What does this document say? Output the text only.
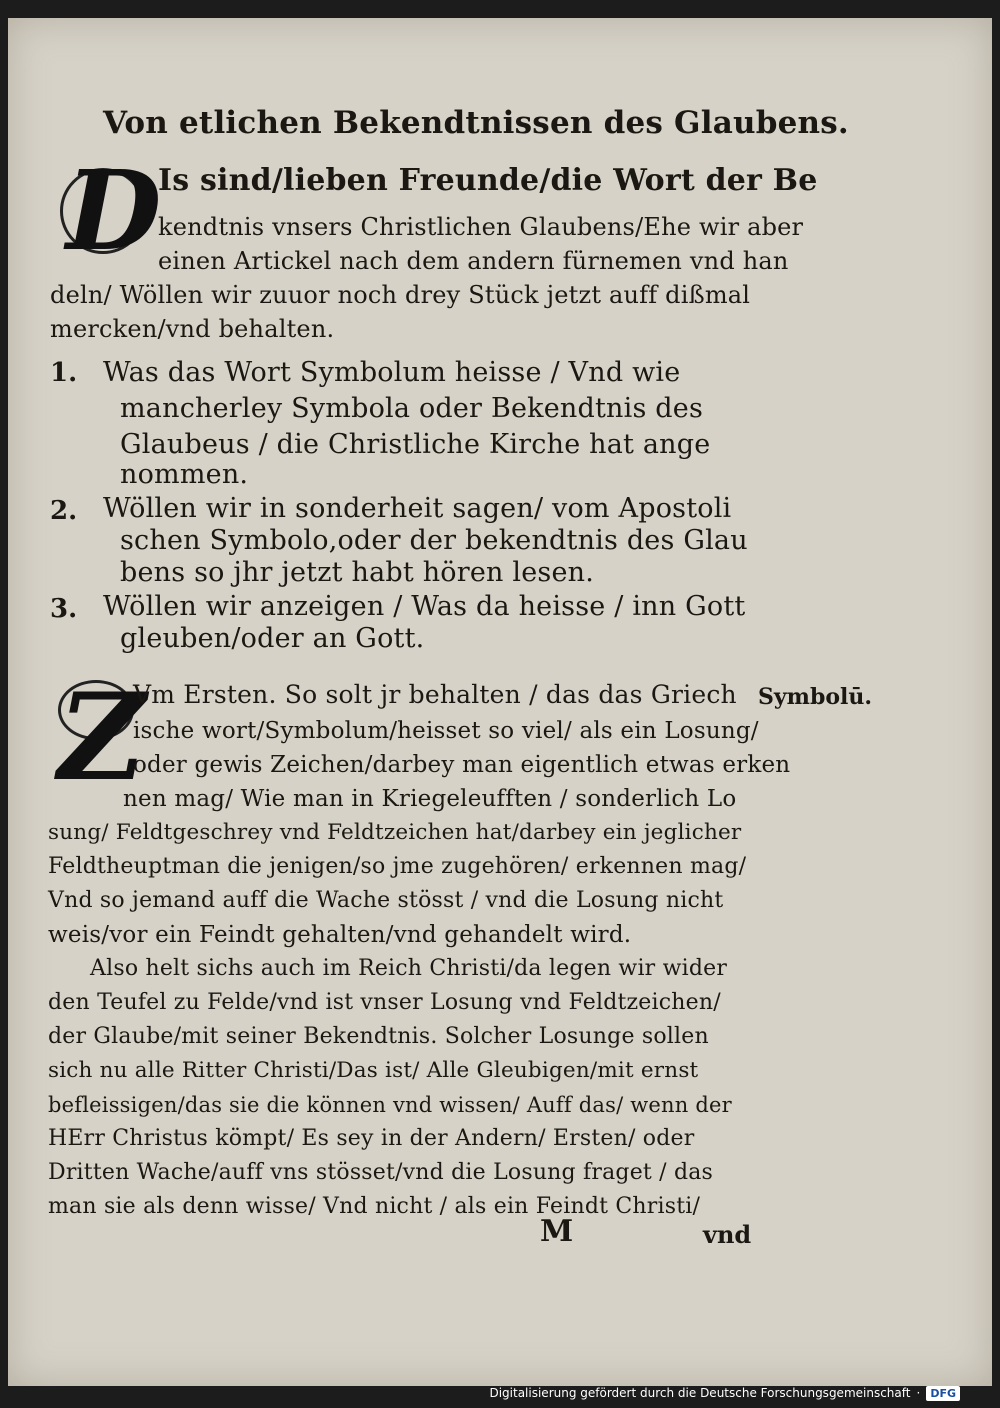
Von etlichen Bekendtnissen des Glaubens.
D
Is sind/lieben Freunde/die Wort der Be
kendtnis vnsers Christlichen Glaubens/Ehe wir aber
einen Artickel nach dem andern fürnemen vnd han
deln/ Wöllen wir zuuor noch drey Stück jetzt auff dißmal
mercken/vnd behalten.
1. Was das Wort Symbolum heisse / Vnd wie
mancherley Symbola oder Bekendtnis des
Glaubeus / die Christliche Kirche hat ange
nommen.
2. Wöllen wir in sonderheit sagen/ vom Apostoli
schen Symbolo,oder der bekendtnis des Glau
bens so jhr jetzt habt hören lesen.
3. Wöllen wir anzeigen / Was da heisse / inn Gott
gleuben/oder an Gott.
Z	Symbolū.
Vm Ersten. So solt jr behalten / das das Griech
ische wort/Symbolum/heisset so viel/ als ein Losung/
oder gewis Zeichen/darbey man eigentlich etwas erken
nen mag/ Wie man in Kriegeleufften / sonderlich Lo
sung/ Feldtgeschrey vnd Feldtzeichen hat/darbey ein jeglicher
Feldtheuptman die jenigen/so jme zugehören/ erkennen mag/
Vnd so jemand auff die Wache stösst / vnd die Losung nicht
weis/vor ein Feindt gehalten/vnd gehandelt wird.
Also helt sichs auch im Reich Christi/da legen wir wider
den Teufel zu Felde/vnd ist vnser Losung vnd Feldtzeichen/
der Glaube/mit seiner Bekendtnis. Solcher Losunge sollen
sich nu alle Ritter Christi/Das ist/ Alle Gleubigen/mit ernst
befleissigen/das sie die können vnd wissen/ Auff das/ wenn der
HErr Christus kömpt/ Es sey in der Andern/ Ersten/ oder
Dritten Wache/auff vns stösset/vnd die Losung fraget / das
man sie als denn wisse/ Vnd nicht / als ein Feindt Christi/
M	vnd
Digitalisierung gefördert durch die Deutsche Forschungsgemeinschaft · DFG
